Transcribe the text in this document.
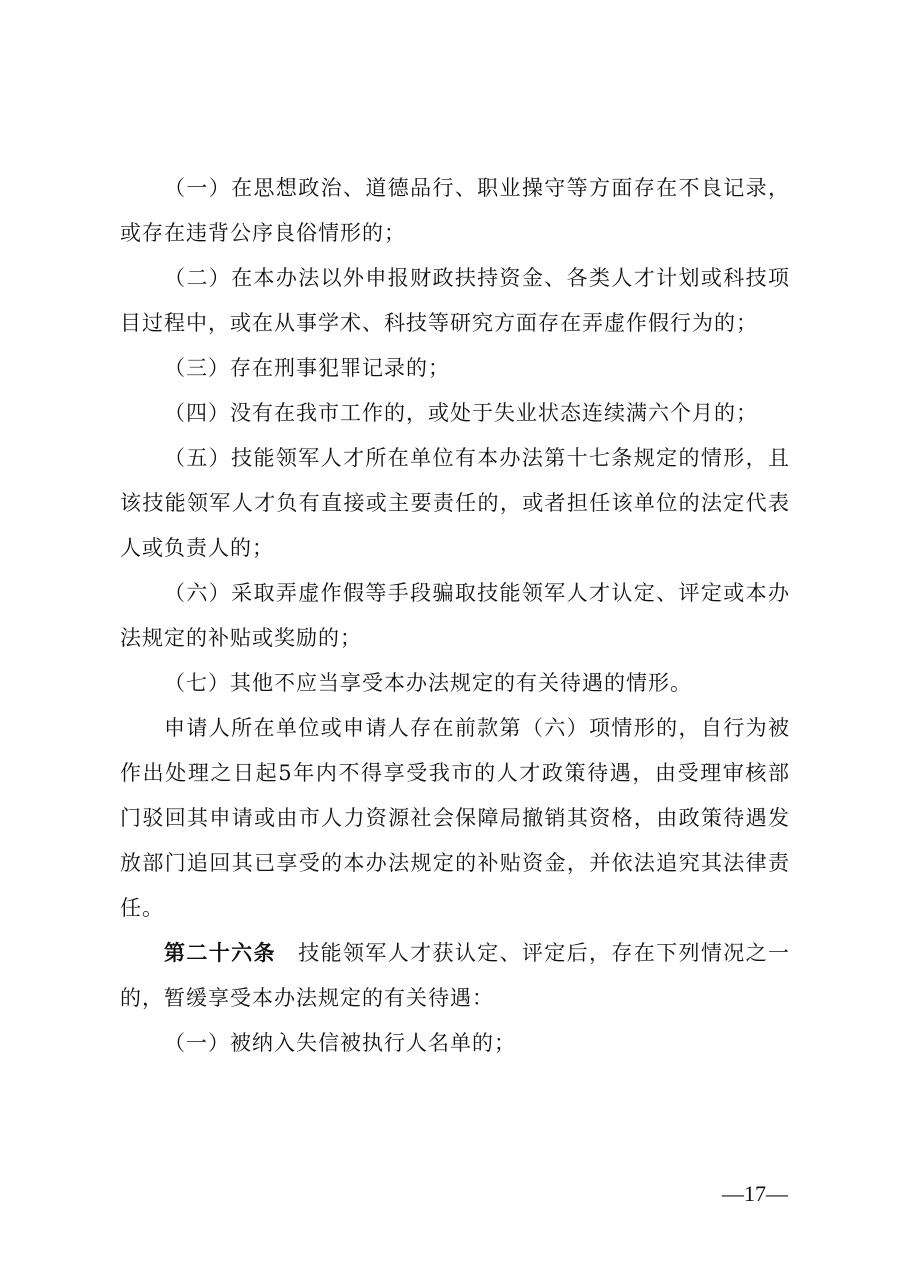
（一）在思想政治、道德品行、职业操守等方面存在不良记录，或存在违背公序良俗情形的；

（二）在本办法以外申报财政扶持资金、各类人才计划或科技项目过程中，或在从事学术、科技等研究方面存在弄虚作假行为的；

（三）存在刑事犯罪记录的；

（四）没有在我市工作的，或处于失业状态连续满六个月的；

（五）技能领军人才所在单位有本办法第十七条规定的情形，且该技能领军人才负有直接或主要责任的，或者担任该单位的法定代表人或负责人的；

（六）采取弄虚作假等手段骗取技能领军人才认定、评定或本办法规定的补贴或奖励的；

（七）其他不应当享受本办法规定的有关待遇的情形。

申请人所在单位或申请人存在前款第（六）项情形的，自行为被作出处理之日起5年内不得享受我市的人才政策待遇，由受理审核部门驳回其申请或由市人力资源社会保障局撤销其资格，由政策待遇发放部门追回其已享受的本办法规定的补贴资金，并依法追究其法律责任。

第二十六条　 技能领军人才获认定、评定后，存在下列情况之一的，暂缓享受本办法规定的有关待遇：

（一）被纳入失信被执行人名单的；

—17—
